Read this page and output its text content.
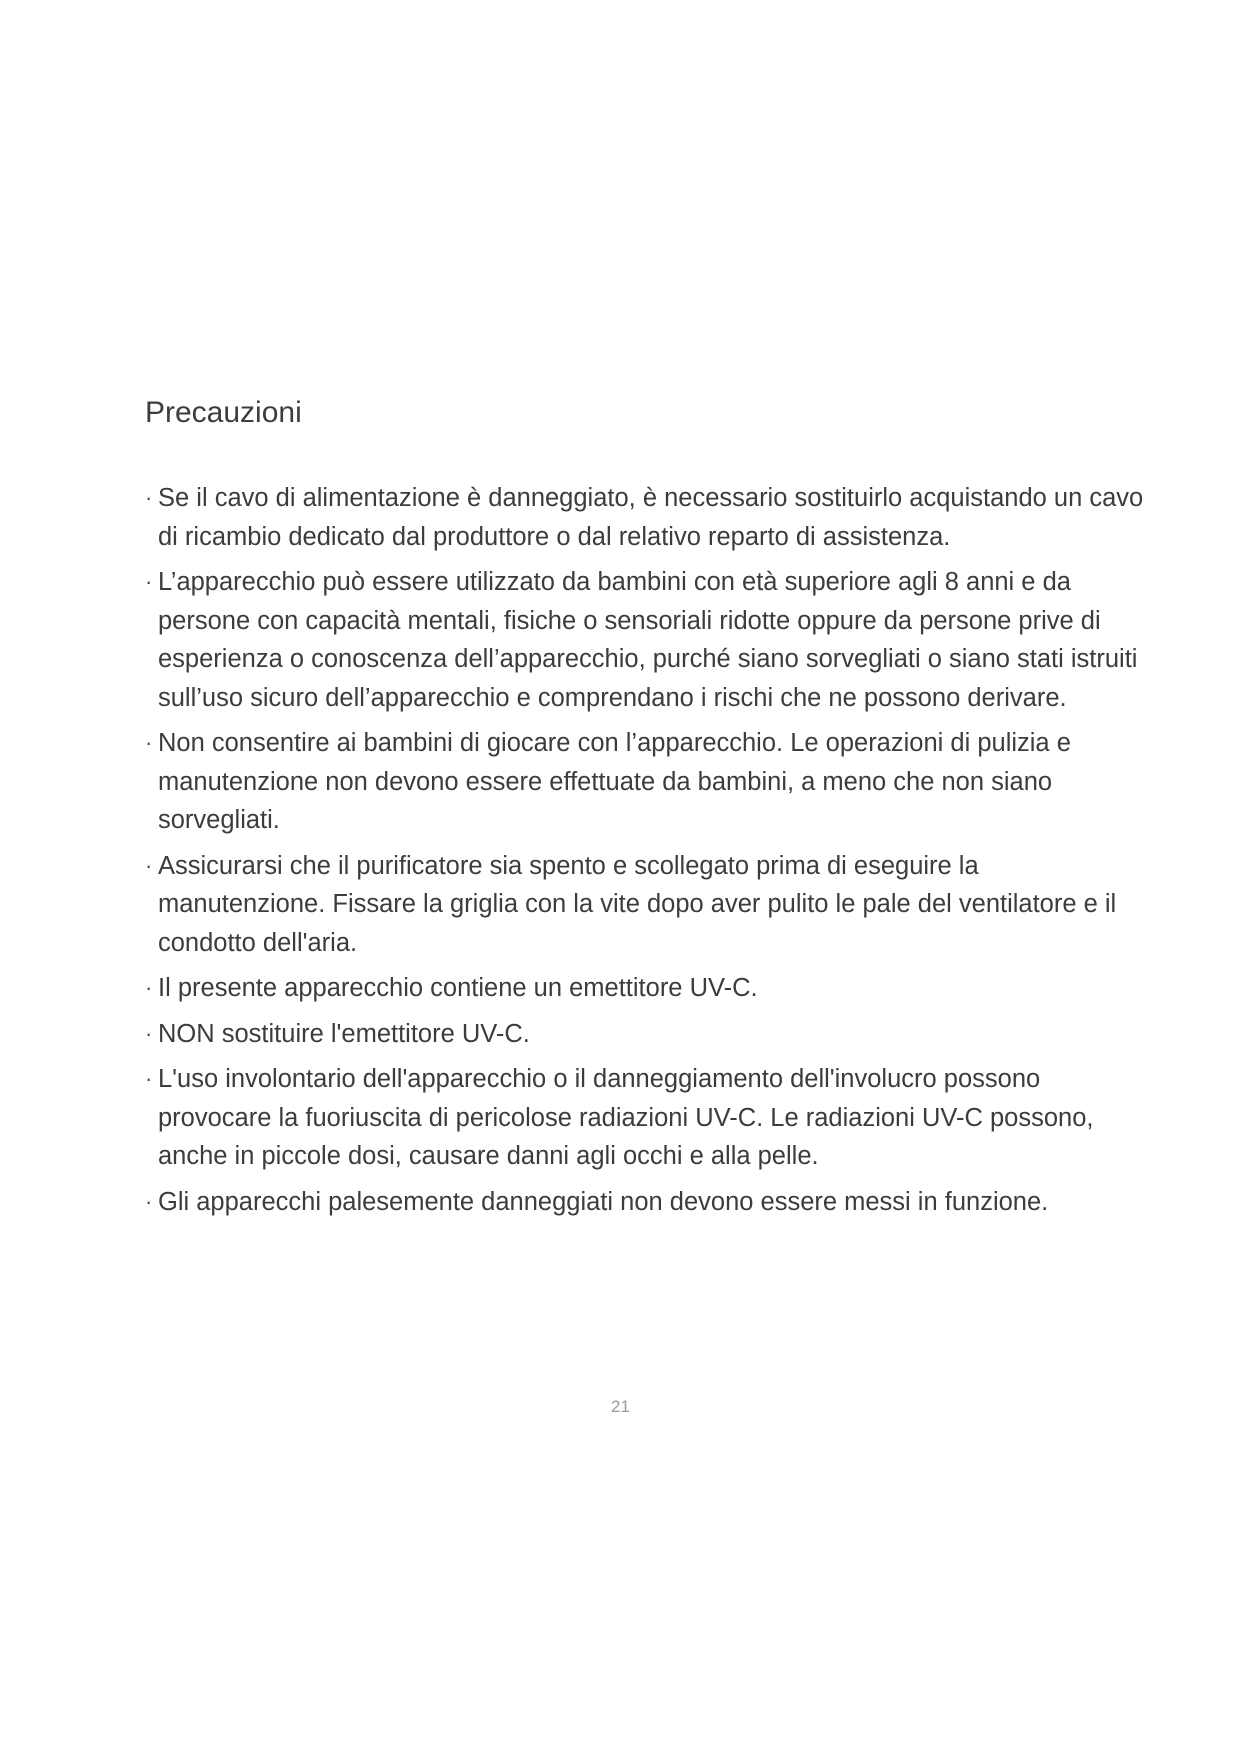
Precauzioni
· Se il cavo di alimentazione è danneggiato, è necessario sostituirlo acquistando un cavo di ricambio dedicato dal produttore o dal relativo reparto di assistenza.
· L’apparecchio può essere utilizzato da bambini con età superiore agli 8 anni e da persone con capacità mentali, fisiche o sensoriali ridotte oppure da persone prive di esperienza o conoscenza dell’apparecchio, purché siano sorvegliati o siano stati istruiti sull’uso sicuro dell’apparecchio e comprendano i rischi che ne possono derivare.
· Non consentire ai bambini di giocare con l’apparecchio. Le operazioni di pulizia e manutenzione non devono essere effettuate da bambini, a meno che non siano sorvegliati.
· Assicurarsi che il purificatore sia spento e scollegato prima di eseguire la manutenzione. Fissare la griglia con la vite dopo aver pulito le pale del ventilatore e il condotto dell'aria.
· Il presente apparecchio contiene un emettitore UV-C.
· NON sostituire l'emettitore UV-C.
· L'uso involontario dell'apparecchio o il danneggiamento dell'involucro possono provocare la fuoriuscita di pericolose radiazioni UV-C. Le radiazioni UV-C possono, anche in piccole dosi, causare danni agli occhi e alla pelle.
· Gli apparecchi palesemente danneggiati non devono essere messi in funzione.

21
